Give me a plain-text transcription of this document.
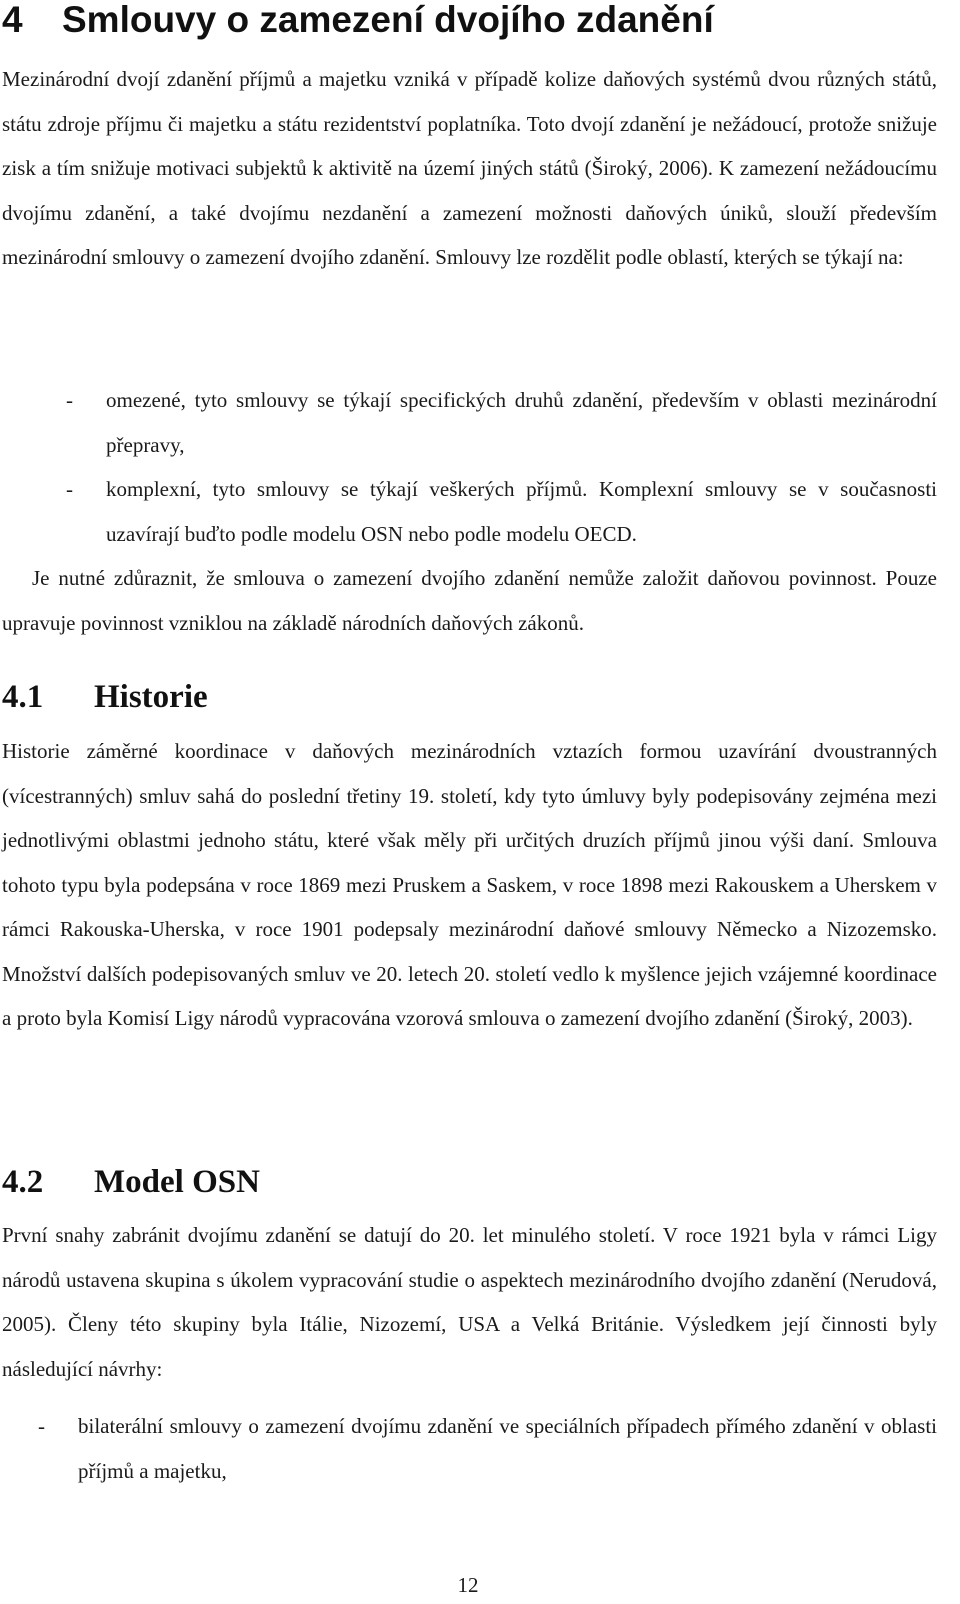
4 Smlouvy o zamezení dvojího zdanění

Mezinárodní dvojí zdanění příjmů a majetku vzniká v případě kolize daňových systémů dvou různých států, státu zdroje příjmu či majetku a státu rezidentství poplatníka. Toto dvojí zdanění je nežádoucí, protože snižuje zisk a tím snižuje motivaci subjektů k aktivitě na území jiných států (Široký, 2006). K zamezení nežádoucímu dvojímu zdanění, a také dvojímu nezdanění a zamezení možnosti daňových úniků, slouží především mezinárodní smlouvy o zamezení dvojího zdanění. Smlouvy lze rozdělit podle oblastí, kterých se týkají na:

- omezené, tyto smlouvy se týkají specifických druhů zdanění, především v oblasti mezinárodní přepravy,
- komplexní, tyto smlouvy se týkají veškerých příjmů. Komplexní smlouvy se v současnosti uzavírají buďto podle modelu OSN nebo podle modelu OECD.

Je nutné zdůraznit, že smlouva o zamezení dvojího zdanění nemůže založit daňovou povinnost. Pouze upravuje povinnost vzniklou na základě národních daňových zákonů.

4.1 Historie

Historie záměrné koordinace v daňových mezinárodních vztazích formou uzavírání dvoustranných (vícestranných) smluv sahá do poslední třetiny 19. století, kdy tyto úmluvy byly podepisovány zejména mezi jednotlivými oblastmi jednoho státu, které však měly při určitých druzích příjmů jinou výši daní. Smlouva tohoto typu byla podepsána v roce 1869 mezi Pruskem a Saskem, v roce 1898 mezi Rakouskem a Uherskem v rámci Rakouska-Uherska, v roce 1901 podepsaly mezinárodní daňové smlouvy Německo a Nizozemsko. Množství dalších podepisovaných smluv ve 20. letech 20. století vedlo k myšlence jejich vzájemné koordinace a proto byla Komisí Ligy národů vypracována vzorová smlouva o zamezení dvojího zdanění (Široký, 2003).

4.2 Model OSN

První snahy zabránit dvojímu zdanění se datují do 20. let minulého století. V roce 1921 byla v rámci Ligy národů ustavena skupina s úkolem vypracování studie o aspektech mezinárodního dvojího zdanění (Nerudová, 2005). Členy této skupiny byla Itálie, Nizozemí, USA a Velká Británie. Výsledkem její činnosti byly následující návrhy:

- bilaterální smlouvy o zamezení dvojímu zdanění ve speciálních případech přímého zdanění v oblasti příjmů a majetku,
12
